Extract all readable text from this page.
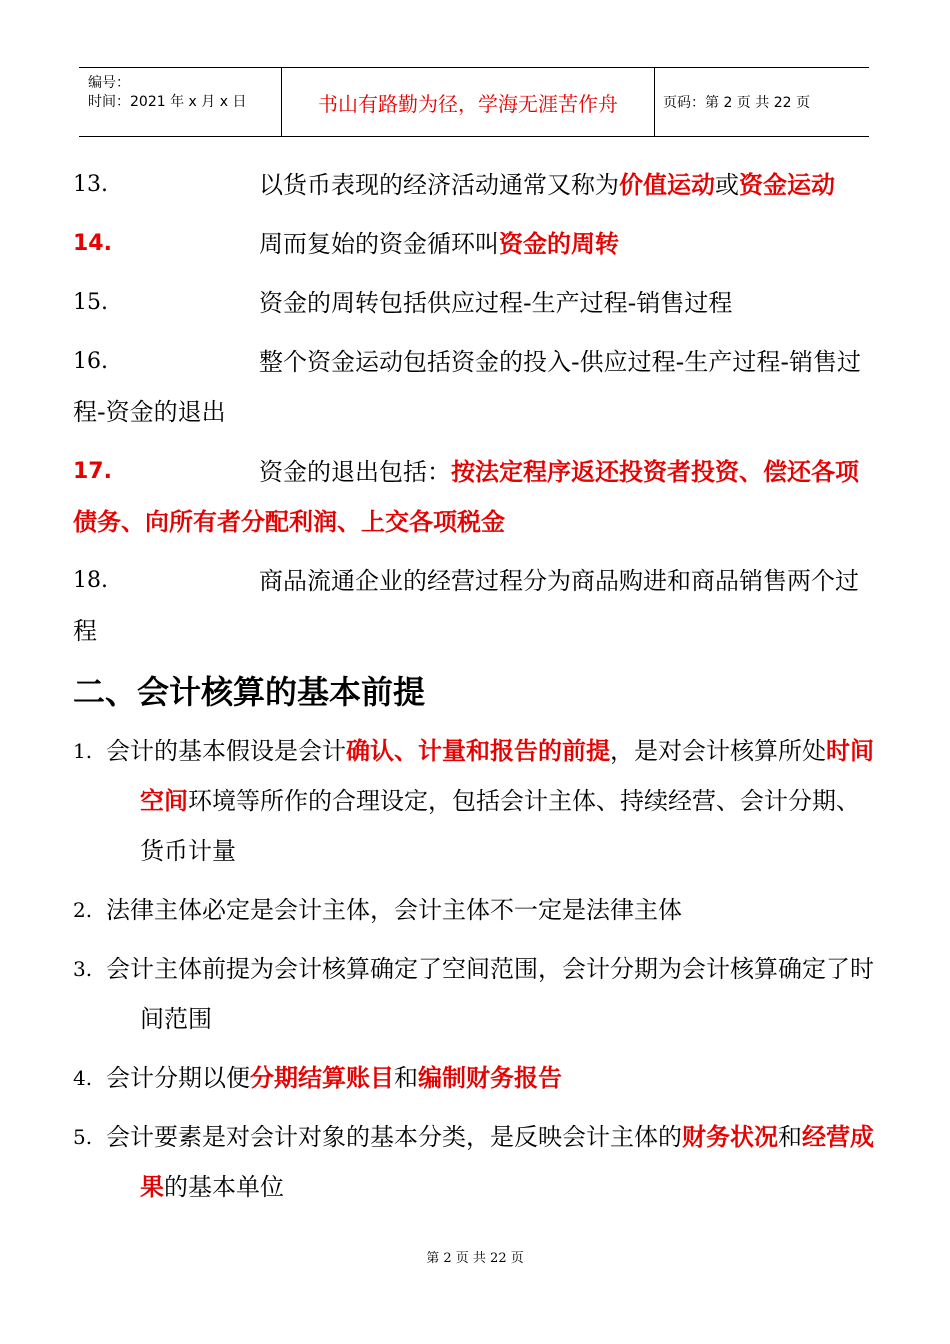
编号：
时间：2021 年 x 月 x 日	书山有路勤为径，学海无涯苦作舟	页码：第 2 页 共 22 页
13.	以货币表现的经济活动通常又称为价值运动或资金运动
14.	周而复始的资金循环叫资金的周转
15.	资金的周转包括供应过程-生产过程-销售过程
16.	整个资金运动包括资金的投入-供应过程-生产过程-销售过程-资金的退出
17.	资金的退出包括：按法定程序返还投资者投资、偿还各项债务、向所有者分配利润、上交各项税金
18.	商品流通企业的经营过程分为商品购进和商品销售两个过程
二、会计核算的基本前提
1. 会计的基本假设是会计确认、计量和报告的前提，是对会计核算所处时间空间环境等所作的合理设定，包括会计主体、持续经营、会计分期、货币计量
2. 法律主体必定是会计主体，会计主体不一定是法律主体
3. 会计主体前提为会计核算确定了空间范围，会计分期为会计核算确定了时间范围
4. 会计分期以便分期结算账目和编制财务报告
5. 会计要素是对会计对象的基本分类，是反映会计主体的财务状况和经营成果的基本单位
第 2 页 共 22 页
